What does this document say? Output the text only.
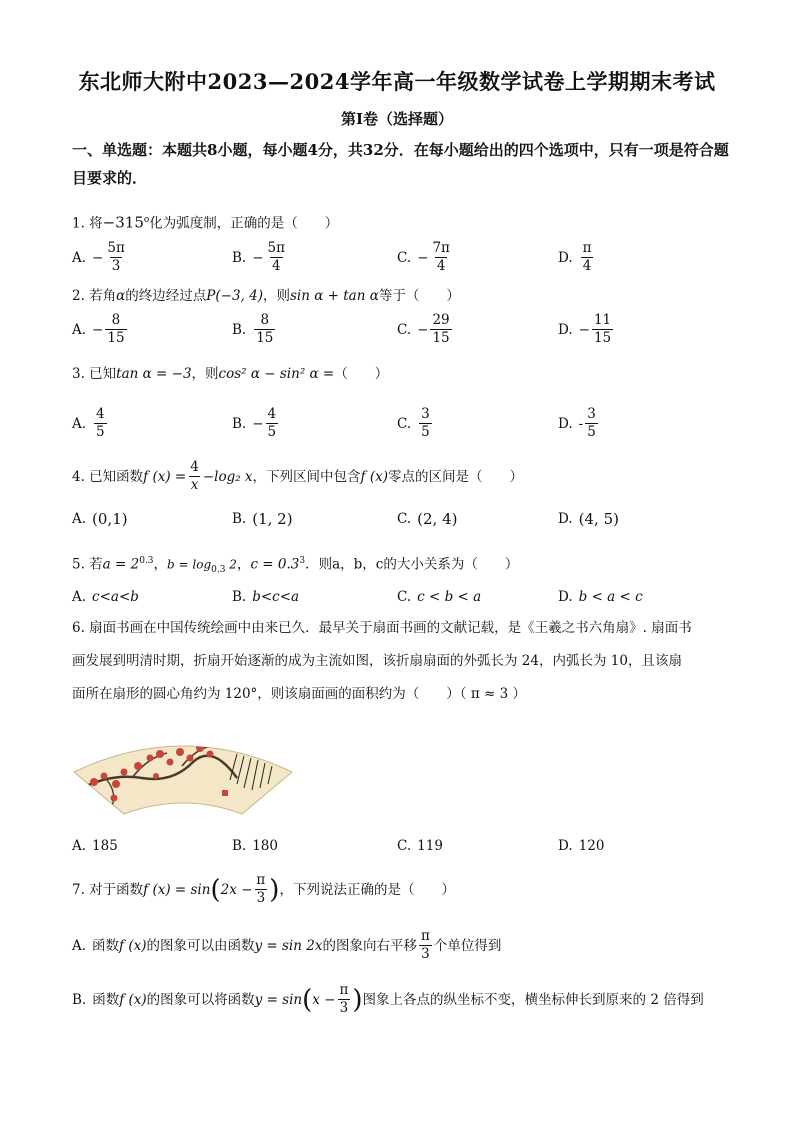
东北师大附中2023—2024学年高一年级数学试卷上学期期末考试
第Ⅰ卷（选择题）
一、单选题：本题共8小题，每小题4分，共32分．在每小题给出的四个选项中，只有一项是符合题目要求的．
1. 将$-315^o$化为弧度制，正确的是（　　）
A. − $\frac{5\pi}{3}$	B. − $\frac{5\pi}{4}$	C. − $\frac{7\pi}{4}$	D. $\frac{\pi}{4}$
2. 若角α的终边经过点P(−3, 4)，则sin α + tan α等于（　　）
A. − $\frac{8}{15}$	B. $\frac{8}{15}$	C. − $\frac{29}{15}$	D. − $\frac{11}{15}$
3. 已知tan α = −3，则cos² α − sin² α =（　　）
A. $\frac{4}{5}$	B. − $\frac{4}{5}$	C. $\frac{3}{5}$	D. - $\frac{3}{5}$
4. 已知函数 f $(x) = \frac{4}{x} -\log_2$ x ，下列区间中包含 f (x) 零点的区间是（　　）
A. (0,1)	B. (1, 2)	C. (2, 4)	D. (4, 5)
5. 若$a = 2^{0.3}$，$b = \log_{0.3} 2$，$c = 0.3^3$．则a，b，c的大小关系为（　　）
A. c<a<b	B. b<c<a	C. c < b < a	D. b < a < c
6. 扇面书画在中国传统绘画中由来已久．最早关于扇面书画的文献记载，是《王羲之书六角扇》. 扇面书
画发展到明清时期，折扇开始逐渐的成为主流如图，该折扇扇面的外弧长为 24，内弧长为 10，且该扇
面所在扇形的圆心角约为 120°，则该扇面画的面积约为（　　）（ π ≈ 3 ）
A. 185	B. 180	C. 119	D. 120
7. 对于函数 f (x) = sin ( $2x - \frac{\pi}{3}$ ) ，下列说法正确的是（　　）
A. 函数 f (x) 的图象可以由函数 y = sin 2x 的图象向右平移 $\frac{\pi}{3}$ 个单位得到
B. 函数 f (x) 的图象可以将函数 y = sin ( $x - \frac{\pi}{3}$ ) 图象上各点的纵坐标不变，横坐标伸长到原来的 2 倍得到
